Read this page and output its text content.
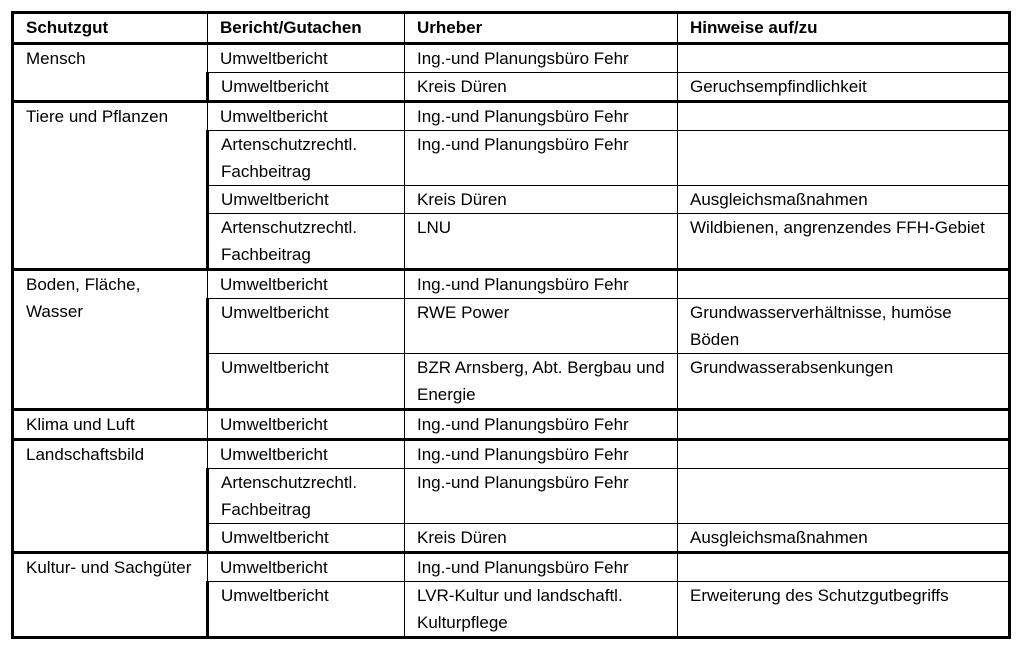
Schutzgut	Bericht/Gutachen	Urheber	Hinweise auf/zu
Mensch	Umweltbericht	Ing.-und Planungsbüro Fehr	
	Umweltbericht	Kreis Düren	Geruchsempfindlichkeit
Tiere und Pflanzen	Umweltbericht	Ing.-und Planungsbüro Fehr	
	Artenschutzrechtl. Fachbeitrag	Ing.-und Planungsbüro Fehr	
	Umweltbericht	Kreis Düren	Ausgleichsmaßnahmen
	Artenschutzrechtl. Fachbeitrag	LNU	Wildbienen, angrenzendes FFH-Gebiet
Boden, Fläche, Wasser	Umweltbericht	Ing.-und Planungsbüro Fehr	
	Umweltbericht	RWE Power	Grundwasserverhältnisse, humöse Böden
	Umweltbericht	BZR Arnsberg, Abt. Bergbau und Energie	Grundwasserabsenkungen
Klima und Luft	Umweltbericht	Ing.-und Planungsbüro Fehr	
Landschaftsbild	Umweltbericht	Ing.-und Planungsbüro Fehr	
	Artenschutzrechtl. Fachbeitrag	Ing.-und Planungsbüro Fehr	
	Umweltbericht	Kreis Düren	Ausgleichsmaßnahmen
Kultur- und Sachgüter	Umweltbericht	Ing.-und Planungsbüro Fehr	
	Umweltbericht	LVR-Kultur und landschaftl. Kulturpflege	Erweiterung des Schutzgutbegriffs
